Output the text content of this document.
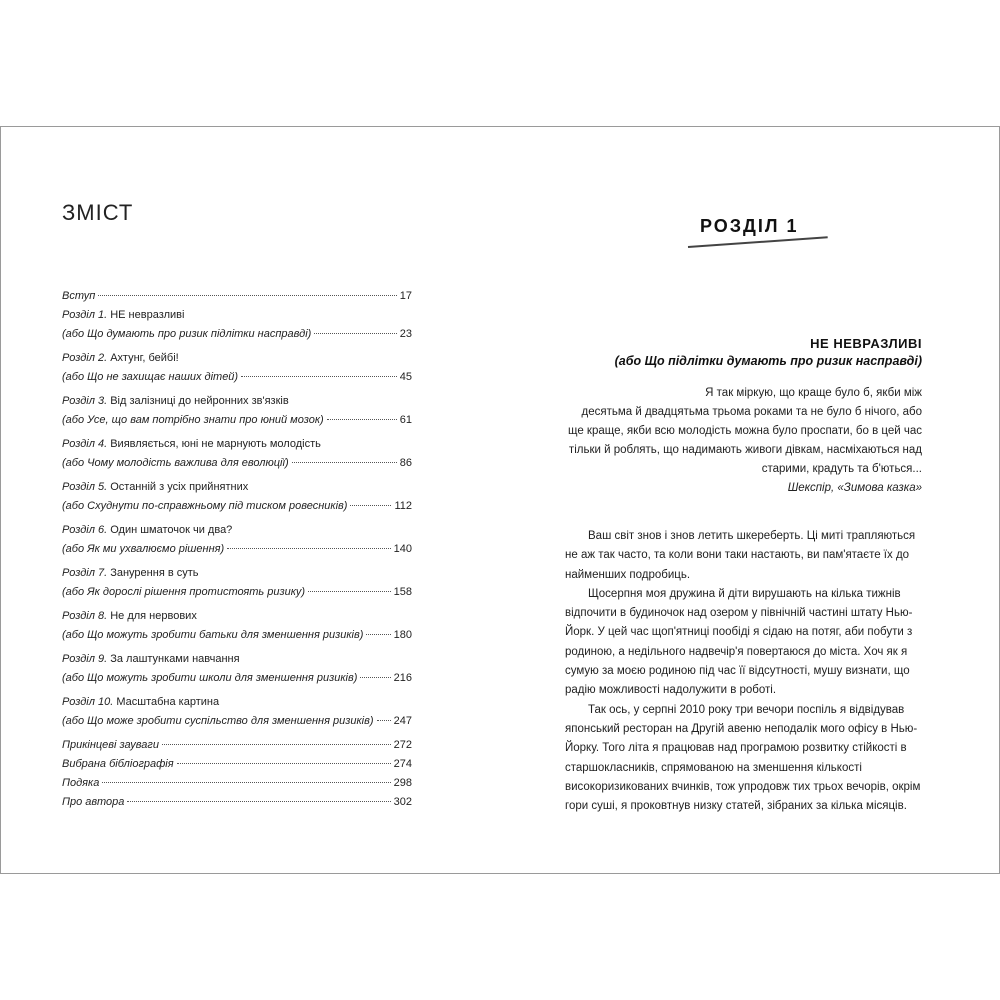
ЗМІСТ
Вступ	17
Розділ 1. НЕ невразливі
(або Що думають про ризик підлітки насправді)	23
Розділ 2. Ахтунг, бейбі!
(або Що не захищає наших дітей)	45
Розділ 3. Від залізниці до нейронних зв'язків
(або Усе, що вам потрібно знати про юний мозок)	61
Розділ 4. Виявляється, юні не марнують молодість
(або Чому молодість важлива для еволюції)	86
Розділ 5. Останній з усіх прийнятних
(або Схуднути по-справжньому під тиском ровесників)	112
Розділ 6. Один шматочок чи два?
(або Як ми ухвалюємо рішення)	140
Розділ 7. Занурення в суть
(або Як дорослі рішення протистоять ризику)	158
Розділ 8. Не для нервових
(або Що можуть зробити батьки для зменшення ризиків)	180
Розділ 9. За лаштунками навчання
(або Що можуть зробити школи для зменшення ризиків)	216
Розділ 10. Масштабна картина
(або Що може зробити суспільство для зменшення ризиків) 247
Прикінцеві зауваги	272
Вибрана бібліографія	274
Подяка	298
Про автора	302
РОЗДІЛ 1
НЕ НЕВРАЗЛИВІ
(або Що підлітки думають про ризик насправді)
Я так міркую, що краще було б, якби між
десятьма й двадцятьма трьома роками та не було б нічого, або
ще краще, якби всю молодість можна було проспати, бо в цей час
тільки й роблять, що надимають живоги дівкам, насміхаються над
старими, крадуть та б'ються...
Шекспір, «Зимова казка»

Ваш світ знов і знов летить шкереберть. Ці миті трапляються не аж так часто, та коли вони таки настають, ви пам'ятаєте їх до найменших подробиць.

Щосерпня моя дружина й діти вирушають на кілька тижнів відпочити в будиночок над озером у північній частині штату Нью-Йорк. У цей час щоп'ятниці пообіді я сідаю на потяг, аби побути з родиною, а недільного надвечір'я повертаюся до міста. Хоч як я сумую за моєю родиною під час її відсутності, мушу визнати, що радію можливості надолужити в роботі.

Так ось, у серпні 2010 року три вечори поспіль я відвідував японський ресторан на Другій авеню неподалік мого офісу в Нью-Йорку. Того літа я працював над програмою розвитку стійкості в старшокласників, спрямованою на зменшення кількості високоризикованих вчинків, тож упродовж тих трьох вечорів, окрім гори суші, я проковтнув низку статей, зібраних за кілька місяців.
